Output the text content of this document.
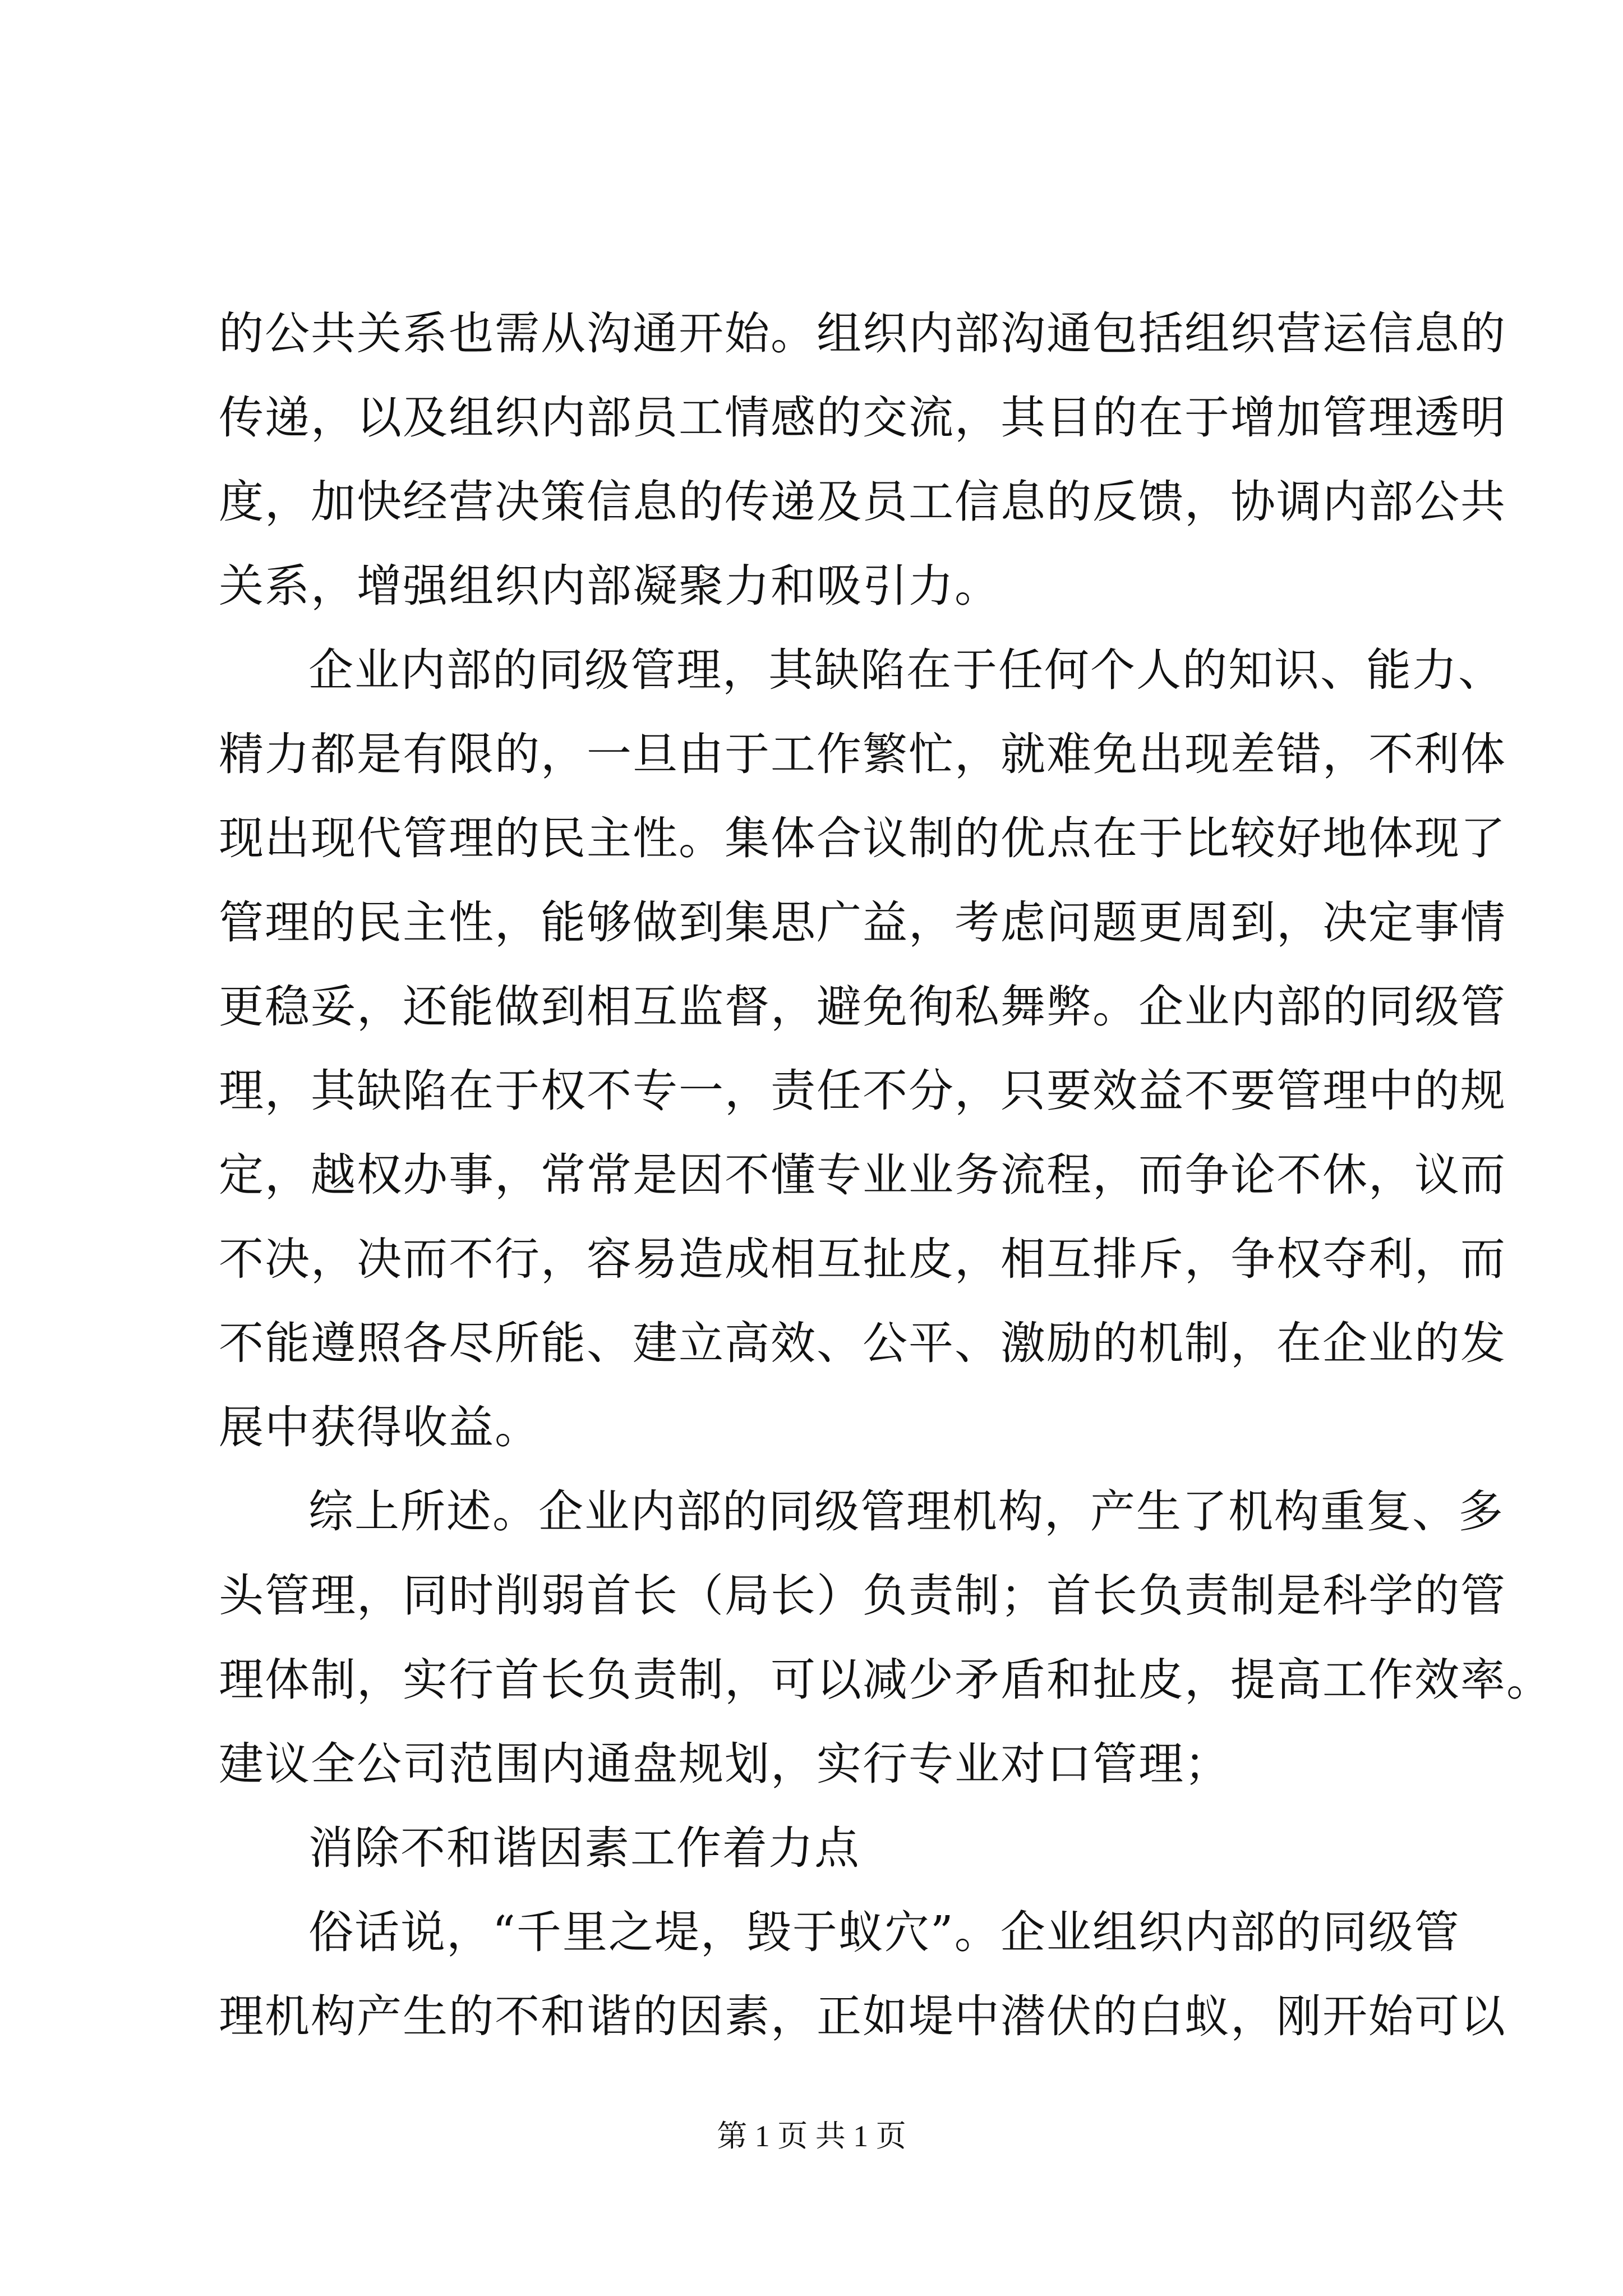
的公共关系也需从沟通开始。组织内部沟通包括组织营运信息的
传递，以及组织内部员工情感的交流，其目的在于增加管理透明
度，加快经营决策信息的传递及员工信息的反馈，协调内部公共
关系，增强组织内部凝聚力和吸引力。
企业内部的同级管理，其缺陷在于任何个人的知识、能力、
精力都是有限的，一旦由于工作繁忙，就难免出现差错，不利体
现出现代管理的民主性。集体合议制的优点在于比较好地体现了
管理的民主性，能够做到集思广益，考虑问题更周到，决定事情
更稳妥，还能做到相互监督，避免徇私舞弊。企业内部的同级管
理，其缺陷在于权不专一，责任不分，只要效益不要管理中的规
定，越权办事，常常是因不懂专业业务流程，而争论不休，议而
不决，决而不行，容易造成相互扯皮，相互排斥，争权夺利，而
不能遵照各尽所能、建立高效、公平、激励的机制，在企业的发
展中获得收益。
综上所述。企业内部的同级管理机构，产生了机构重复、多
头管理，同时削弱首长（局长）负责制；首长负责制是科学的管
理体制，实行首长负责制，可以减少矛盾和扯皮，提高工作效率。
建议全公司范围内通盘规划，实行专业对口管理；
消除不和谐因素工作着力点
俗话说，“千里之堤，毁于蚁穴”。企业组织内部的同级管
理机构产生的不和谐的因素，正如堤中潜伏的白蚁，刚开始可以
第 1 页 共 1 页
